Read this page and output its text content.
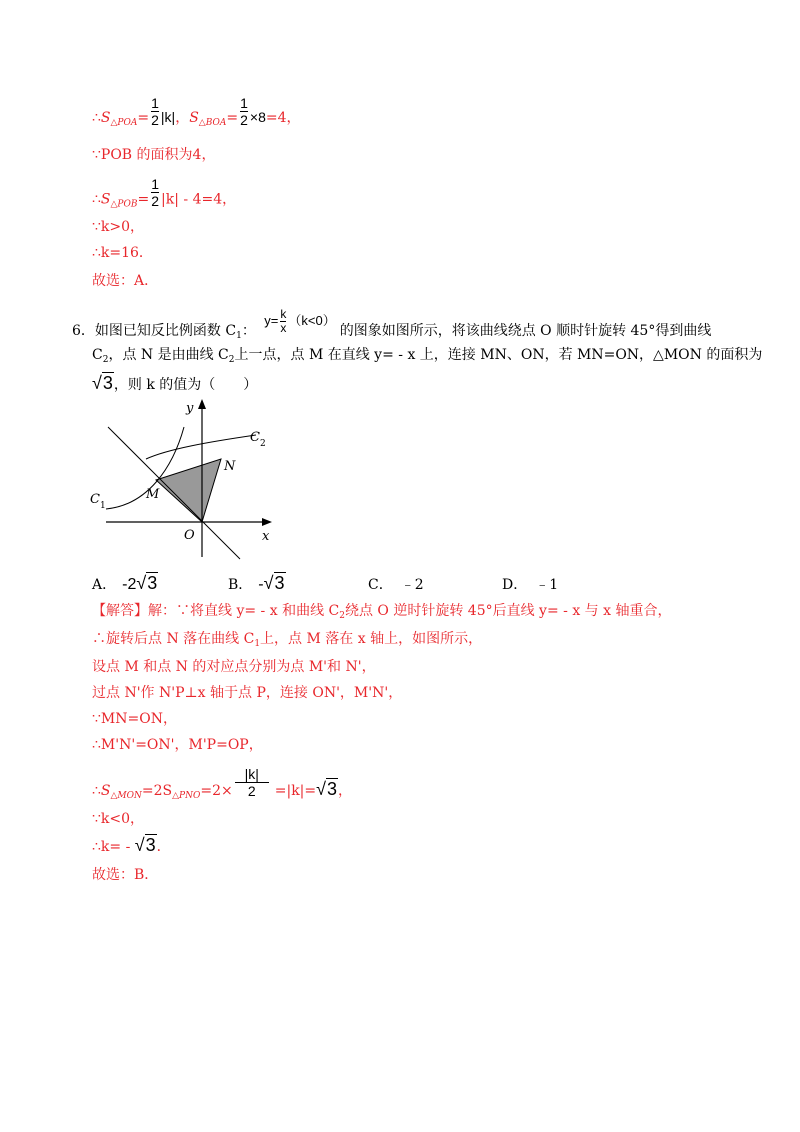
$\therefore S_{\triangle POA}= \frac{1}{2} |k|$，$S_{\triangle BOA}= \frac{1}{2} \times 8=4$，
∵POB 的面积为4，
$\therefore S_{\triangle POB}= \frac{1}{2} |k| - 4=4$，
∵k>0，
∴k=16．
故选：A．
6．如图已知反比例函数 $C_1$： $y= \frac{k}{x} (k<0)$的图象如图所示，将该曲线绕点 O 顺时针旋转 45°得到曲线
$C_2$，点 N 是由曲线 $C_2$上一点，点 M 在直线 y= - x 上，连接 MN、ON，若 MN=ON，△MON 的面积为
√3，则 k 的值为（　　）
y
x
O
M
N
$C_1$
$C_2$
A． -2√3	B． -√3	C． ﹣2	D． ﹣1
【解答】解：∵将直线 y= - x 和曲线 $C_2$绕点 O 逆时针旋转 45°后直线 y= - x 与 x 轴重合，
∴旋转后点 N 落在曲线 $C_1$上，点 M 落在 x 轴上，如图所示，
设点 M 和点 N 的对应点分别为点 M'和 N'，
过点 N'作 N'P⊥x 轴于点 P，连接 ON'，M'N'，
∵MN=ON，
∴M'N'=ON'，M'P=OP，
$\therefore S_{\triangle MON}=2S_{\triangle PNO}=2\times \frac{|k|}{2} =|k|=√3$，
∵k<0，
∴k= - √3．
故选：B．
